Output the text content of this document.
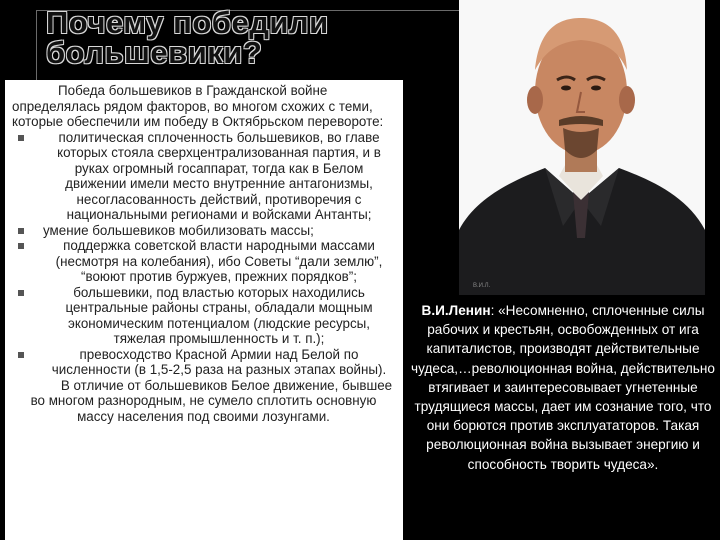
Почему победили
большевики?

Победа большевиков в Гражданской войне определялась рядом факторов, во многом схожих с теми, которые обеспечили им победу в Октябрьском перевороте:

политическая сплоченность большевиков, во главе которых стояла сверхцентрализованная партия, и в руках огромный госаппарат, тогда как в Белом движении имели место внутренние антагонизмы, несогласованность действий, противоречия с национальными регионами и войсками Антанты;
умение большевиков мобилизовать массы;
поддержка советской власти народными массами (несмотря на колебания), ибо Советы “дали землю”, “воюют против буржуев, прежних порядков”;
большевики, под властью которых находились центральные районы страны, обладали мощным экономическим потенциалом (людские ресурсы, тяжелая промышленность и т. п.);
превосходство Красной Армии над Белой по численности (в 1,5-2,5 раза на разных этапах войны).

В отличие от большевиков Белое движение, бывшее во многом разнородным, не сумело сплотить основную массу населения под своими лозунгами.

В.И.Л.
В.И.Ленин: «Несомненно, сплоченные силы рабочих и крестьян, освобожденных от ига капиталистов, производят действительные чудеса,…революционная война, действительно втягивает и заинтересовывает угнетенные трудящиеся массы, дает им сознание того, что они борются против эксплуататоров. Такая революционная война вызывает энергию и способность творить чудеса».
